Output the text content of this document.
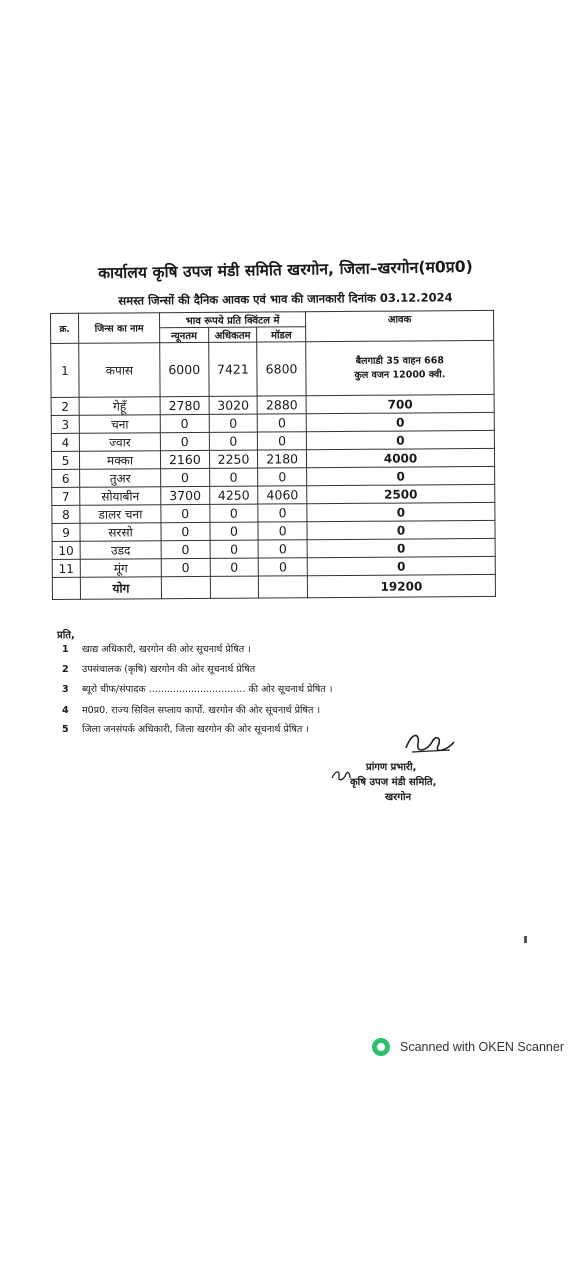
कार्यालय कृषि उपज मंडी समिति खरगोन, जिला–खरगोन(म0प्र0)
समस्त जिन्सों की दैनिक आवक एवं भाव की जानकारी दिनांक 03.12.2024
क्र.	जिन्स का नाम	भाव रूपये प्रति क्विंटल में			आवक
		न्यूनतम	अधिकतम	मॉडल	
1	कपास	6000	7421	6800	बैलगाडी 35 वाहन 668
कुल वजन 12000 क्वी.

2	गेहूँ	2780	3020	2880	700
3	चना	0	0	0	0
4	ज्वार	0	0	0	0
5	मक्का	2160	2250	2180	4000
6	तुअर	0	0	0	0
7	सोयाबीन	3700	4250	4060	2500
8	डालर चना	0	0	0	0
9	सरसो	0	0	0	0
10	उडद	0	0	0	0
11	मूंग	0	0	0	0
	योग				19200
प्रति,
1	खाद्य अधिकारी, खरगोन की ओर सूचनार्थ प्रेषित ।
2	उपसंचालक (कृषि) खरगोन की ओर सूचनार्थ प्रेषित
3	ब्यूरो चीफ/संपादक ................................ की ओर सूचनार्थ प्रेषित ।
4	म0प्र0. राज्य सिविल सप्लाय कार्पो. खरगोन की ओर सूचनार्थ प्रेषित ।
5	जिला जनसंपर्क अधिकारी, जिला खरगोन की ओर सूचनार्थ प्रेषित ।
प्रांगण प्रभारी,
कृषि उपज मंडी समिति,
खरगोन
Scanned with OKEN Scanner
